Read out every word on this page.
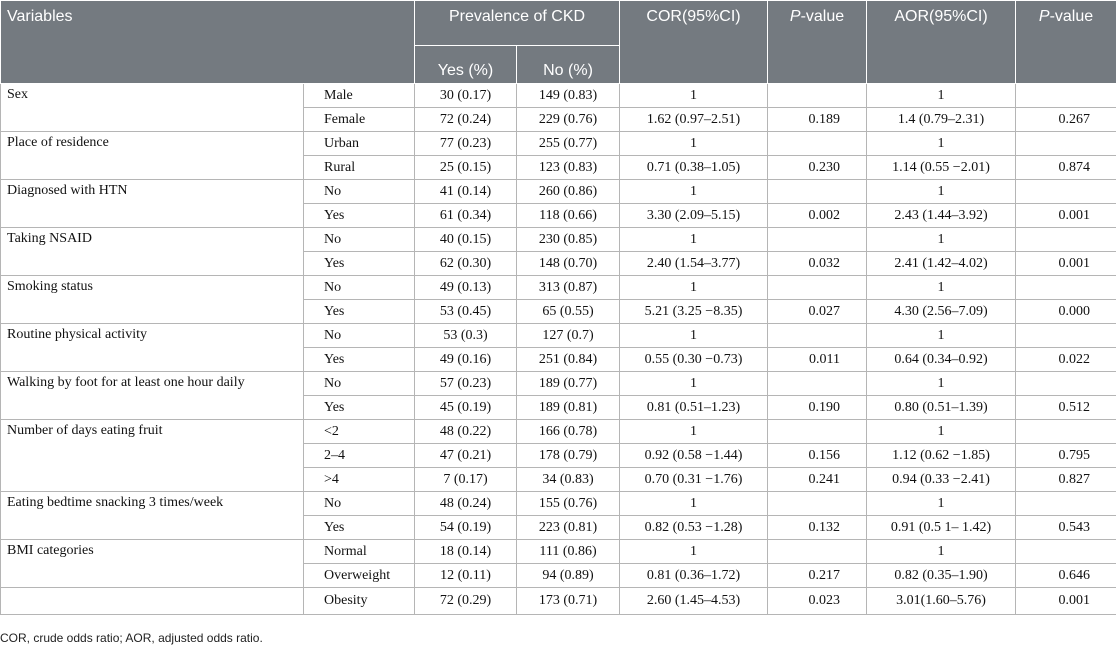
Variables		Prevalence of CKD		COR(95%CI)	P-value	AOR(95%CI)	P-value
		Yes (%)	No (%)				
Sex	Male	30 (0.17)	149 (0.83)	1		1	
	Female	72 (0.24)	229 (0.76)	1.62 (0.97–2.51)	0.189	1.4 (0.79–2.31)	0.267
Place of residence	Urban	77 (0.23)	255 (0.77)	1		1	
	Rural	25 (0.15)	123 (0.83)	0.71 (0.38–1.05)	0.230	1.14 (0.55 −2.01)	0.874
Diagnosed with HTN	No	41 (0.14)	260 (0.86)	1		1	
	Yes	61 (0.34)	118 (0.66)	3.30 (2.09–5.15)	0.002	2.43 (1.44–3.92)	0.001
Taking NSAID	No	40 (0.15)	230 (0.85)	1		1	
	Yes	62 (0.30)	148 (0.70)	2.40 (1.54–3.77)	0.032	2.41 (1.42–4.02)	0.001
Smoking status	No	49 (0.13)	313 (0.87)	1		1	
	Yes	53 (0.45)	65 (0.55)	5.21 (3.25 −8.35)	0.027	4.30 (2.56–7.09)	0.000
Routine physical activity	No	53 (0.3)	127 (0.7)	1		1	
	Yes	49 (0.16)	251 (0.84)	0.55 (0.30 −0.73)	0.011	0.64 (0.34–0.92)	0.022
Walking by foot for at least one hour daily	No	57 (0.23)	189 (0.77)	1		1	
	Yes	45 (0.19)	189 (0.81)	0.81 (0.51–1.23)	0.190	0.80 (0.51–1.39)	0.512
Number of days eating fruit	<2	48 (0.22)	166 (0.78)	1		1	
	2–4	47 (0.21)	178 (0.79)	0.92 (0.58 −1.44)	0.156	1.12 (0.62 −1.85)	0.795
	>4	7 (0.17)	34 (0.83)	0.70 (0.31 −1.76)	0.241	0.94 (0.33 −2.41)	0.827
Eating bedtime snacking 3 times/week	No	48 (0.24)	155 (0.76)	1		1	
	Yes	54 (0.19)	223 (0.81)	0.82 (0.53 −1.28)	0.132	0.91 (0.5 1– 1.42)	0.543
BMI categories	Normal	18 (0.14)	111 (0.86)	1		1	
	Overweight	12 (0.11)	94 (0.89)	0.81 (0.36–1.72)	0.217	0.82 (0.35–1.90)	0.646
	Obesity	72 (0.29)	173 (0.71)	2.60 (1.45–4.53)	0.023	3.01(1.60–5.76)	0.001
COR, crude odds ratio; AOR, adjusted odds ratio.
